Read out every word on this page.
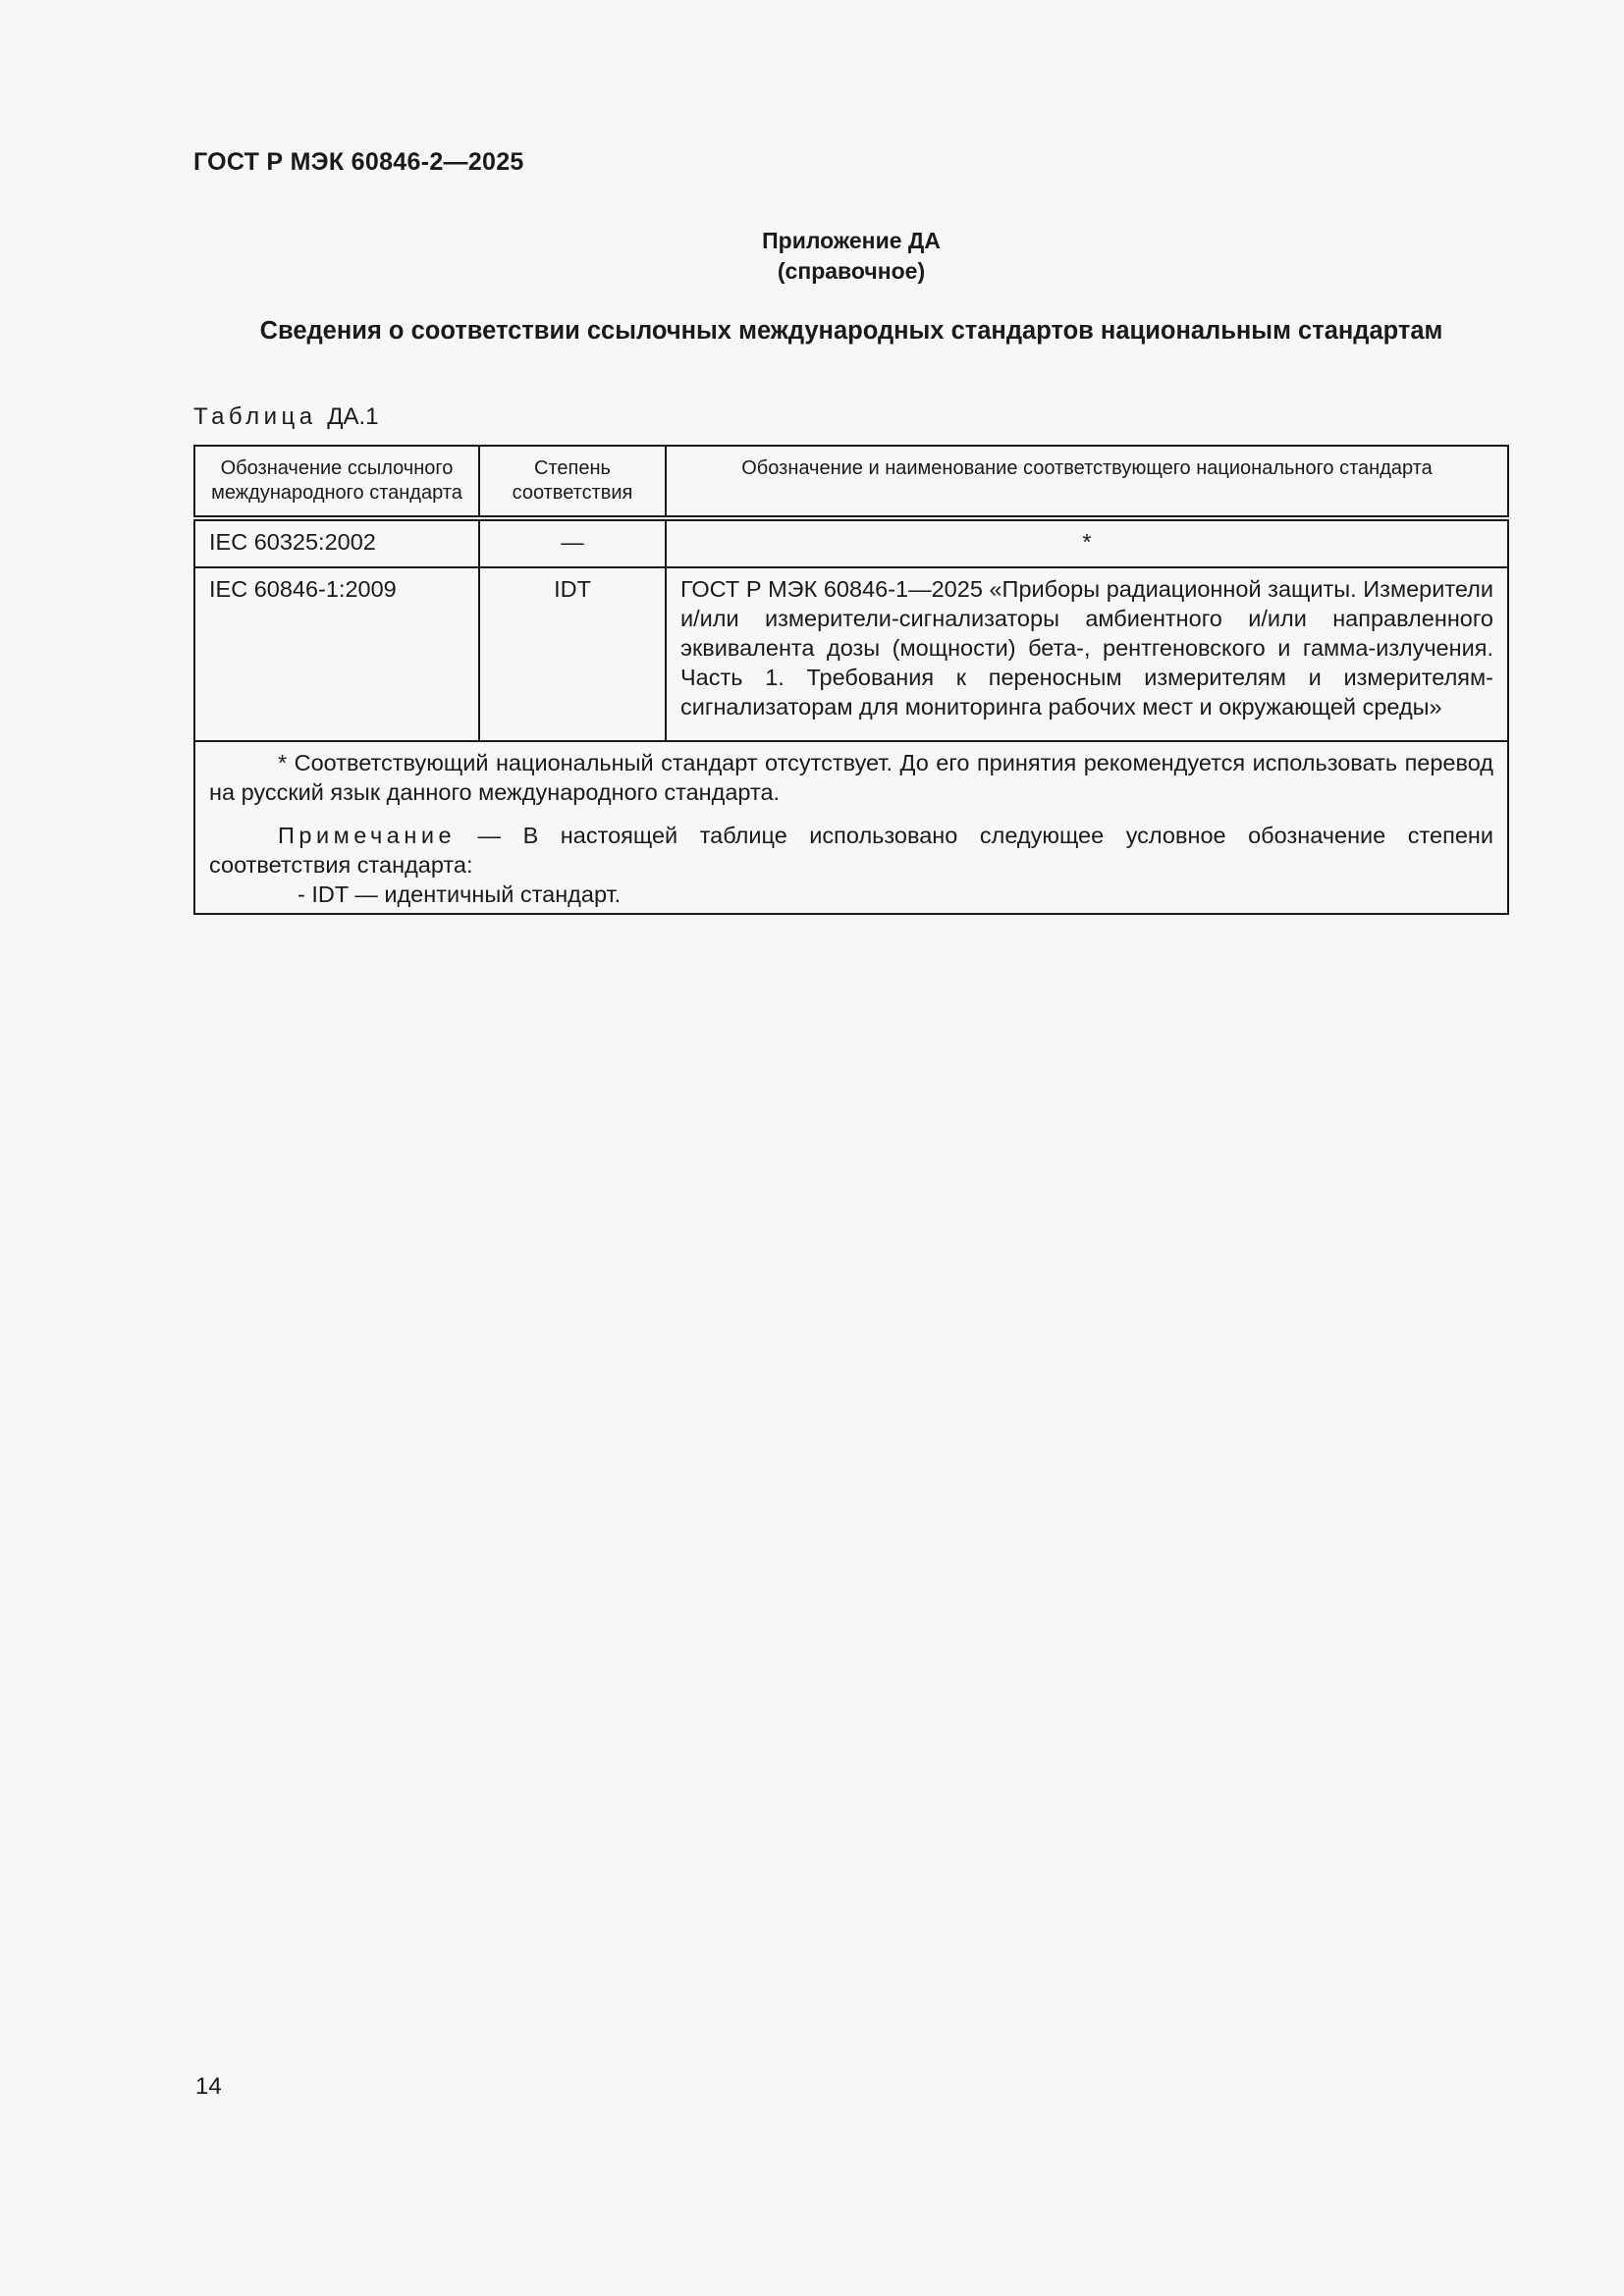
ГОСТ Р МЭК 60846-2—2025
Приложение ДА
(справочное)
Сведения о соответствии ссылочных международных стандартов национальным стандартам
Таблица ДА.1
Обозначение ссылочного международного стандарта	Степень соответствия	Обозначение и наименование соответствующего национального стандарта
IEC 60325:2002	—	*
IEC 60846-1:2009	IDT	ГОСТ Р МЭК 60846-1—2025 «Приборы радиационной защиты. Измерители и/или измерители-сигнализаторы амбиентного и/или направленного эквивалента дозы (мощности) бета-, рентгеновского и гамма-излучения. Часть 1. Требования к переносным измерителям и измерителям-сигнализаторам для мониторинга рабочих мест и окружающей среды»

* Соответствующий национальный стандарт отсутствует. До его принятия рекомендуется использовать перевод на русский язык данного международного стандарта.

Примечание — В настоящей таблице использовано следующее условное обозначение степени соответствия стандарта:

- IDT — идентичный стандарт.		
14
